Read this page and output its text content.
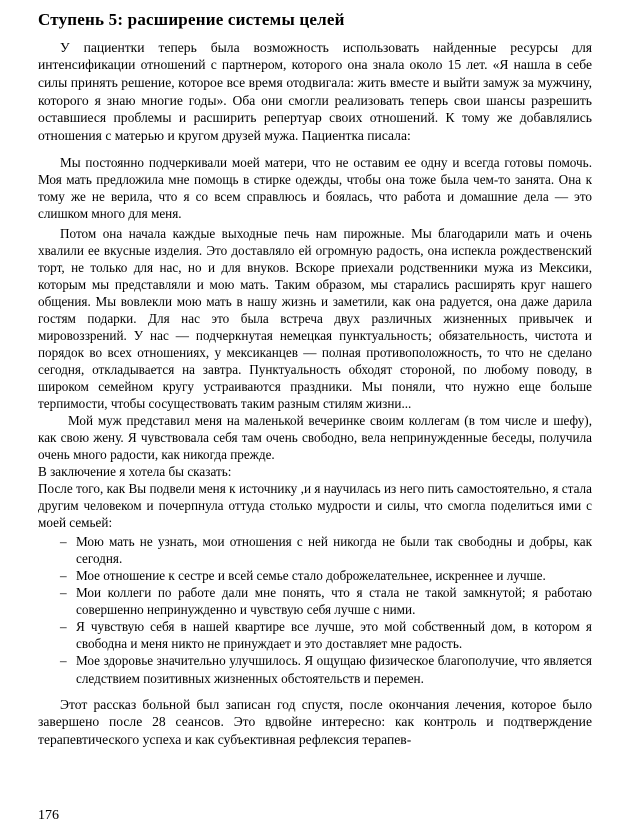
Ступень 5: расширение системы целей

У пациентки теперь была возможность использовать найденные ресурсы для интенсификации отношений с партнером, которого она знала около 15 лет. «Я нашла в себе силы принять решение, которое все время отодвигала: жить вместе и выйти замуж за мужчину, которого я знаю многие годы». Оба они смогли реализовать теперь свои шансы разрешить оставшиеся проблемы и расширить репертуар своих отношений. К тому же добавлялись отношения с матерью и кругом друзей мужа. Пациентка писала:

Мы постоянно подчеркивали моей матери, что не оставим ее одну и всегда готовы помочь. Моя мать предложила мне помощь в стирке одежды, чтобы она тоже была чем-то занята. Она к тому же не верила, что я со всем справлюсь и боялась, что работа и домашние дела — это слишком много для меня.

Потом она начала каждые выходные печь нам пирожные. Мы благодарили мать и очень хвалили ее вкусные изделия. Это доставляло ей огромную радость, она испекла рождественский торт, не только для нас, но и для внуков. Вскоре приехали родственники мужа из Мексики, которым мы представляли и мою мать. Таким образом, мы старались расширять круг нашего общения. Мы вовлекли мою мать в нашу жизнь и заметили, как она радуется, она даже дарила гостям подарки. Для нас это была встреча двух различных жизненных привычек и мировоззрений. У нас — подчеркнутая немецкая пунктуальность; обязательность, чистота и порядок во всех отношениях, у мексиканцев — полная противоположность, то что не сделано сегодня, откладывается на завтра. Пунктуальность обходят стороной, по любому поводу, в широком семейном кругу устраиваются праздники. Мы поняли, что нужно еще больше терпимости, чтобы сосуществовать таким разным стилям жизни...

Мой муж представил меня на маленькой вечеринке своим коллегам (в том числе и шефу), как свою жену. Я чувствовала себя там очень свободно, вела непринужденные беседы, получила очень много радости, как никогда прежде.

В заключение я хотела бы сказать:

После того, как Вы подвели меня к источнику ,и я научилась из него пить самостоятельно, я стала другим человеком и почерпнула оттуда столько мудрости и силы, что смогла поделиться ими с моей семьей:

– Мою мать не узнать, мои отношения с ней никогда не были так свободны и добры, как сегодня.
– Мое отношение к сестре и всей семье стало доброжелательнее, искреннее и лучше.
– Мои коллеги по работе дали мне понять, что я стала не такой замкнутой; я работаю совершенно непринужденно и чувствую себя лучше с ними.
– Я чувствую себя в нашей квартире все лучше, это мой собственный дом, в котором я свободна и меня никто не принуждает и это доставляет мне радость.
– Мое здоровье значительно улучшилось. Я ощущаю физическое благополучие, что является следствием позитивных жизненных обстоятельств и перемен.

Этот рассказ больной был записан год спустя, после окончания лечения, которое было завершено после 28 сеансов. Это вдвойне интересно: как контроль и подтверждение терапевтического успеха и как субъективная рефлексия терапев-

176
